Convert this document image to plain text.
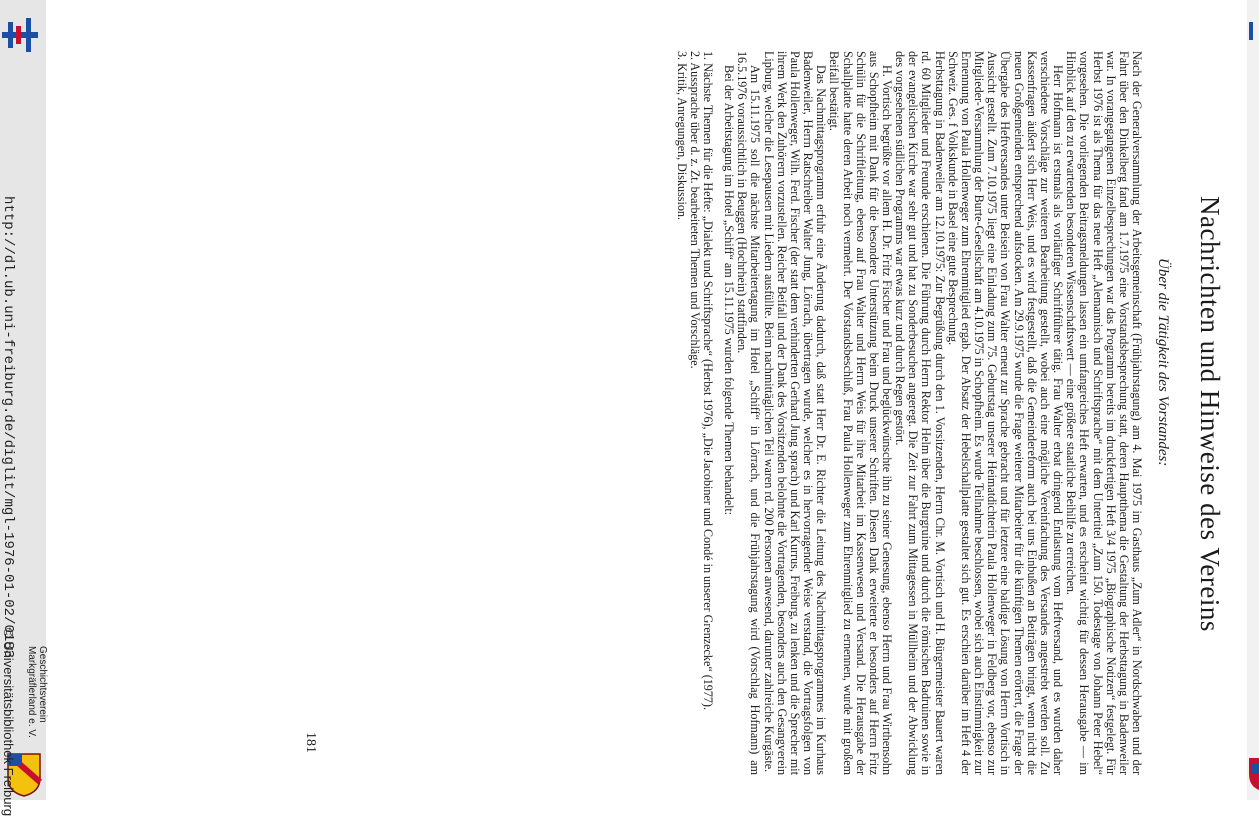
http://dl.ub.uni-freiburg.de/diglit/mgl-1976-01-02/0183
© Universitätsbibliothek Freiburg Geschichtsverein
Markgräflerland e. V.
Nachrichten und Hinweise des Vereins
Über die Tätigkeit des Vorstandes:

Nach der Generalversammlung der Arbeitsgemeinschaft (Frühjahrstagung) am 4. Mai 1975 im Gasthaus „Zum Adler“ in Nordschwaben und der Fahrt über den Dinkelberg fand am 1.7.1975 eine Vorstandsbesprechung statt, deren Hauptthema die Gestaltung der Herbsttagung in Badenweiler war. In vorangegangenen Einzelbesprechungen war das Programm bereits im druckfertigen Heft 3/4 1975 „Biographische Notizen“ festgelegt. Für Herbst 1976 ist als Thema für das neue Heft „Alemannisch und Schriftsprache“ mit dem Untertitel „Zum 150. Todestage von Johann Peter Hebel“ vorgesehen. Die vorliegenden Beitragsmeldungen lassen ein umfangreiches Heft erwarten, und es erscheint wichtig für dessen Herausgabe — im Hinblick auf den zu erwartenden besonderen Wissenschaftswert — eine größere staatliche Beihilfe zu erreichen.

Herr Hofmann ist erstmals als vorläufiger Schriftführer tätig. Frau Walter erbat dringend Entlastung vom Heftversand, und es wurden daher verschiedene Vorschläge zur weiteren Bearbeitung gestellt, wobei auch eine mögliche Vereinfachung des Versandes angestrebt werden soll. Zu Kassenfragen äußert sich Herr Weis, und es wird festgestellt, daß die Gemeindereform auch bei uns Einbußen an Beiträgen bringt, wenn nicht die neuen Großgemeinden entsprechend aufstocken. Am 29.9.1975 wurde die Frage weiterer Mitarbeiter für die künftigen Themen erörtert, die Frage der Übergabe des Heftversandes unter Beisein von Frau Walter erneut zur Sprache gebracht und für letztere eine baldige Lösung von Herrn Vortisch in Aussicht gestellt. Zum 7.10.1975 liegt eine Einladung zum 75. Geburtstag unserer Heimatdichterin Paula Hollenweger in Feldberg vor, ebenso zur Mitglieder-Versammlung der Burte-Gesellschaft am 4.10.1975 in Schopfheim. Es wurde Teilnahme beschlossen, wobei sich auch Einstimmigkeit zur Ernennung von Paula Hollenweger zum Ehrenmitglied ergab. Der Absatz der Hebelschallplatte gestaltet sich gut. Es erschien darüber im Heft 4 der Schweiz. Ges. f Volkskunde in Basel eine gute Besprechung.

Herbsttagung in Badenweiler am 12.10.1975: Zur Begrüßung durch den 1. Vorsitzenden, Herrn Chr. M. Vortisch und H. Bürgermeister Bauert waren rd. 60 Mitglieder und Freunde erschienen. Die Führung durch Herrn Rektor Helm über die Burgruine und durch die römischen Badruinen sowie in der evangelischen Kirche war sehr gut und hat zu Sonderbesuchen angeregt. Die Zeit zur Fahrt zum Mittagessen in Müllheim und der Abwicklung des vorgesehenen südlichen Programms war etwas kurz und durch Regen gestört.

H. Vortisch begrüßte vor allem H. Dr. Fritz Fischer und Frau und beglückwünschte ihn zu seiner Genesung, ebenso Herrn und Frau Wirthensohn aus Schopfheim mit Dank für die besondere Unterstützung beim Druck unserer Schriften. Diesen Dank erweiterte er besonders auf Herrn Fritz Schülin für die Schriftleitung, ebenso auf Frau Walter und Herrn Weis für ihre Mitarbeit im Kassenwesen und Versand. Die Herausgabe der Schallplatte hatte deren Arbeit noch vermehrt. Der Vorstandsbeschluß, Frau Paula Hollenweger zum Ehrenmitglied zu ernennen, wurde mit großem Beifall bestätigt.

Das Nachmittagsprogramm erfuhr eine Änderung dadurch, daß statt Herr Dr. E. Richter die Leitung des Nachmittagsprogrammes im Kurhaus Badenweiler, Herrn Ratschreiber Walter Jung, Lörrach, übertragen wurde, welcher es in hervorragender Weise verstand, die Vortragsfolgen von Paula Hollenweger, Wilh. Ferd. Fischer (der statt dem verhinderten Gerhard Jung sprach) und Karl Kurrus, Freiburg, zu lenken und die Sprecher mit ihrem Werk den Zuhörern vorzustellen. Reicher Beifall und der Dank des Vorsitzenden belohnte die Vortragenden, besonders auch den Gesangverein Lipburg, welcher die Lesepausen mit Liedern ausfüllte. Beim nachmittäglichen Teil waren rd. 200 Personen anwesend, darunter zahlreiche Kurgäste.

Am 15.11.1975 soll die nächste Mitarbeitertagung im Hotel „Schiff“ in Lörrach, und die Frühjahrstagung wird (Vorschlag Hofmann) am 16.5.1976 voraussichtlich in Beuggen (Hochrhein) stattfinden.

Bei der Arbeitstagung im Hotel „Schiff“ am 15.11.1975 wurden folgende Themen behandelt:

1. Nächste Themen für die Hefte: „Dialekt und Schriftsprache“ (Herbst 1976), „Die Jacobiner und Condé in unserer Grenzecke“ (1977).
2. Aussprache über d. z. Zt. bearbeiteten Themen und Vorschläge.
3. Kritik, Anregungen, Diskussion.
181
